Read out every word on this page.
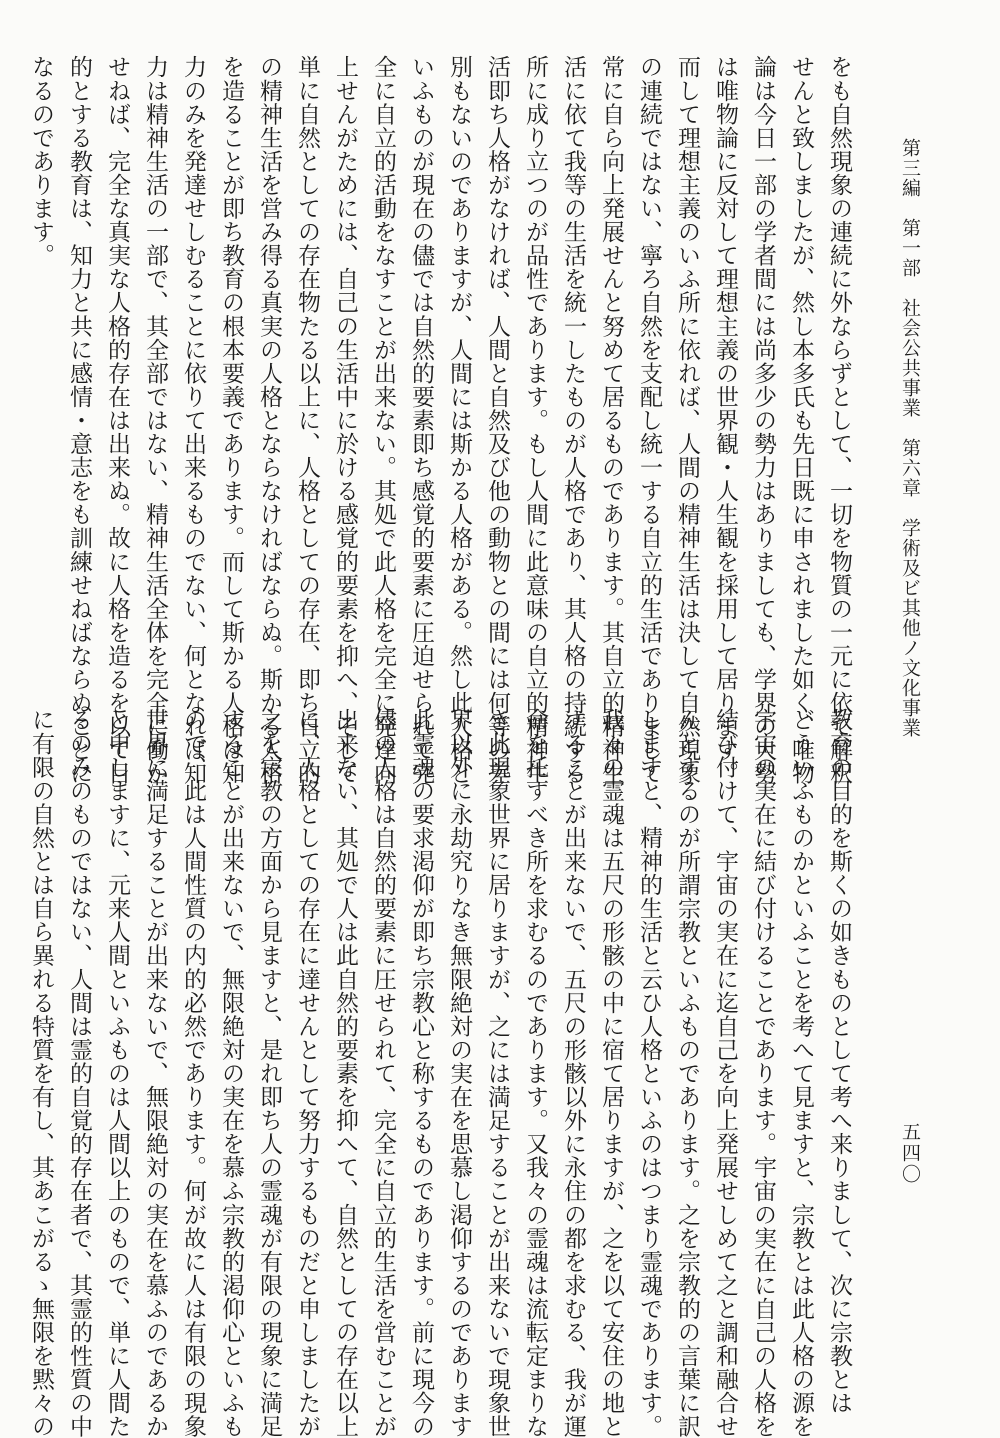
第三編　第一部　社会公共事業　第六章　学術及ビ其他ノ文化事業
五四〇
をも自然現象の連続に外ならずとして、一切を物質の一元に依て解釈
せんと致しましたが、然し本多氏も先日既に申されました如く、唯物
論は今日一部の学者間には尚多少の勢力はありましても、学界の大勢
は唯物論に反対して理想主義の世界観・人生観を採用して居ります。
而して理想主義のいふ所に依れば、人間の精神生活は決して自然現象
の連続ではない、寧ろ自然を支配し統一する自立的生活でありまして
常に自ら向上発展せんと努めて居るものであります。其自立的精神生
活に依て我等の生活を統一したものが人格であり、其人格の持続する
所に成り立つのが品性であります。もし人間に此意味の自立的精神生
活即ち人格がなければ、人間と自然及び他の動物との間には何等の差
別もないのでありますが、人間には斯かる人格がある。然し此人格と
いふものが現在の儘では自然的要素即ち感覚的要素に圧迫せられて完
全に自立的活動をなすことが出来ない。其処で此人格を完全に発達向
上せんがためには、自己の生活中に於ける感覚的要素を抑へ、そして
単に自然としての存在物たる以上に、人格としての存在、即ち自立的
の精神生活を営み得る真実の人格とならなければならぬ。斯かる人格
を造ることが即ち教育の根本要義であります。而して斯かる人格は知
力のみを発達せしむることに依りて出来るものでない、何となれば知
力は精神生活の一部で、其全部ではない、精神生活全体を完全に働か
せねば、完全な真実な人格的存在は出来ぬ。故に人格を造るを以て目
的とする教育は、知力と共に感情・意志をも訓練せねばならぬことに
なるのであります。
教育の目的を斯くの如きものとして考へ来りまして、次に宗教とは
どういふものかといふことを考へて見ますと、宗教とは此人格の源を
宇宙の実在に結び付けることであります。宇宙の実在に自己の人格を
結び付けて、宇宙の実在に迄自己を向上発展せしめて之と調和融合せ
んとするのが所謂宗教といふものであります。之を宗教的の言葉に訳
しますと、精神的生活と云ひ人格といふのはつまり霊魂であります。
我々の霊魂は五尺の形骸の中に宿て居りますが、之を以て安住の地と
することが出来ないで、五尺の形骸以外に永住の都を求むる、我が運
命を托すべき所を求むるのであります。又我々の霊魂は流転定まりな
き此現象世界に居りますが、之には満足することが出来ないで現象世
界以外に永劫究りなき無限絶対の実在を思慕し渇仰するのであります
此霊魂の要求渇仰が即ち宗教心と称するものであります。前に現今の
儘の人格は自然的要素に圧せられて、完全に自立的生活を営むことが
出来ない、其処で人は此自然的要素を抑へて、自然としての存在以上
に、人格としての存在に達せんとして努力するものだと申しましたが
之を宗教の方面から見ますと、是れ即ち人の霊魂が有限の現象に満足
することが出来ないで、無限絶対の実在を慕ふ宗教的渇仰心といふも
ので、此は人間性質の内的必然であります。何が故に人は有限の現象
世界に満足することが出来ないで、無限絶対の実在を慕ふのであるか
と申しますに、元来人間といふものは人間以上のもので、単に人間た
るのみのものではない、人間は霊的自覚的存在者で、其霊的性質の中
に有限の自然とは自ら異れる特質を有し、其あこがるゝ無限を黙々の
